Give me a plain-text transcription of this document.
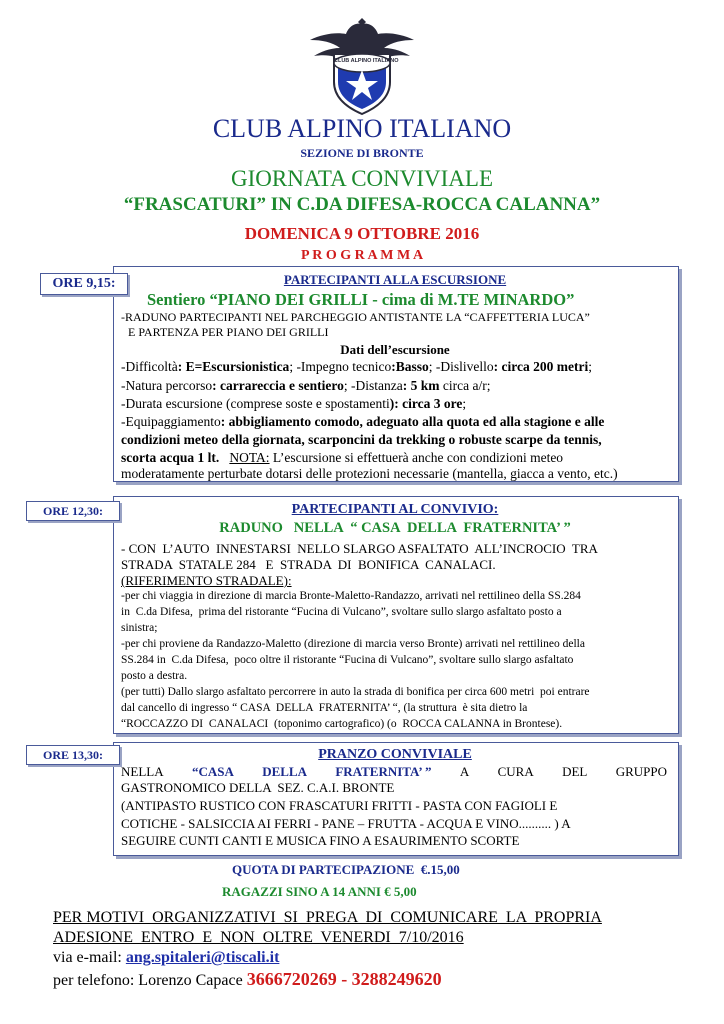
CLUB ALPINO ITALIANO
CLUB ALPINO ITALIANO
SEZIONE DI BRONTE
GIORNATA CONVIVIALE
“FRASCATURI” IN C.DA DIFESA-ROCCA CALANNA”
DOMENICA 9 OTTOBRE 2016
P R O G R A M M A
ORE 9,15:	PARTECIPANTI ALLA ESCURSIONE
Sentiero “PIANO DEI GRILLI - cima di M.TE MINARDO”
-RADUNO PARTECIPANTI NEL PARCHEGGIO ANTISTANTE LA “CAFFETTERIA LUCA”
E PARTENZA PER PIANO DEI GRILLI
Dati dell’escursione
-Difficoltà: E=Escursionistica; -Impegno tecnico:Basso; -Dislivello: circa 200 metri;
-Natura percorso: carrareccia e sentiero; -Distanza: 5 km circa a/r;
-Durata escursione (comprese soste e spostamenti): circa 3 ore;
-Equipaggiamento: abbigliamento comodo, adeguato alla quota ed alla stagione e alle
condizioni meteo della giornata, scarponcini da trekking o robuste scarpe da tennis,
scorta acqua 1 lt. NOTA: L’escursione si effettuerà anche con condizioni meteo
moderatamente perturbate dotarsi delle protezioni necessarie (mantella, giacca a vento, etc.)
ORE 12,30:	PARTECIPANTI AL CONVIVIO:
RADUNO   NELLA  “ CASA  DELLA  FRATERNITA’ ”
- CON  L’AUTO  INNESTARSI  NELLO SLARGO ASFALTATO  ALL’INCROCIO  TRA
STRADA  STATALE 284   E  STRADA  DI  BONIFICA  CANALACI.
(RIFERIMENTO STRADALE):
-per chi viaggia in direzione di marcia Bronte-Maletto-Randazzo, arrivati nel rettilineo della SS.284
in  C.da Difesa,  prima del ristorante “Fucina di Vulcano”, svoltare sullo slargo asfaltato posto a
sinistra;
-per chi proviene da Randazzo-Maletto (direzione di marcia verso Bronte) arrivati nel rettilineo della
SS.284 in  C.da Difesa,  poco oltre il ristorante “Fucina di Vulcano”, svoltare sullo slargo asfaltato
posto a destra.
(per tutti) Dallo slargo asfaltato percorrere in auto la strada di bonifica per circa 600 metri  poi entrare
dal cancello di ingresso “ CASA  DELLA  FRATERNITA’ “, (la struttura  è sita dietro la
“ROCCAZZO DI  CANALACI  (toponimo cartografico) (o  ROCCA CALANNA in Brontese).
ORE 13,30:	PRANZO CONVIVIALE
NELLA “CASA DELLA FRATERNITA’ ” A CURA DEL GRUPPO
GASTRONOMICO DELLA  SEZ. C.A.I. BRONTE
(ANTIPASTO RUSTICO CON FRASCATURI FRITTI - PASTA CON FAGIOLI E
COTICHE - SALSICCIA AI FERRI - PANE – FRUTTA - ACQUA E VINO.......... ) A
SEGUIRE CUNTI CANTI E MUSICA FINO A ESAURIMENTO SCORTE
QUOTA DI PARTECIPAZIONE  €.15,00
RAGAZZI SINO A 14 ANNI € 5,00
PER MOTIVI  ORGANIZZATIVI  SI  PREGA  DI  COMUNICARE  LA  PROPRIA
ADESIONE  ENTRO  E  NON  OLTRE  VENERDI  7/10/2016
via e-mail: ang.spitaleri@tiscali.it
per telefono: Lorenzo Capace 3666720269 - 3288249620
